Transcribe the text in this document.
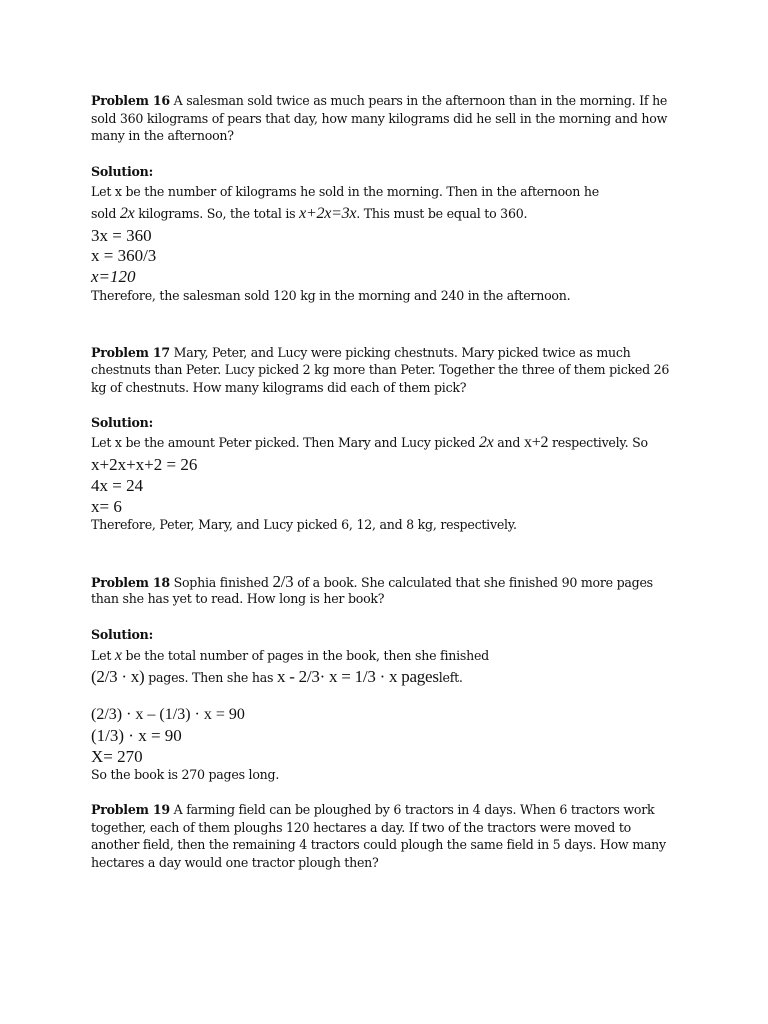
Problem 16 A salesman sold twice as much pears in the afternoon than in the morning. If he
sold 360 kilograms of pears that day, how many kilograms did he sell in the morning and how
many in the afternoon?
Solution:
Let x be the number of kilograms he sold in the morning. Then in the afternoon he
sold 2x kilograms. So, the total is x+2x=3x. This must be equal to 360.
3x = 360
x = 360/3
x=120
Therefore, the salesman sold 120 kg in the morning and 240 in the afternoon.
Problem 17 Mary, Peter, and Lucy were picking chestnuts. Mary picked twice as much
chestnuts than Peter. Lucy picked 2 kg more than Peter. Together the three of them picked 26
kg of chestnuts. How many kilograms did each of them pick?
Solution:
Let x be the amount Peter picked. Then Mary and Lucy picked 2x and x+2 respectively. So
x+2x+x+2 = 26
4x = 24
x= 6
Therefore, Peter, Mary, and Lucy picked 6, 12, and 8 kg, respectively.
Problem 18 Sophia finished 2/3 of a book. She calculated that she finished 90 more pages
than she has yet to read. How long is her book?
Solution:
Let x be the total number of pages in the book, then she finished
(2/3 · x) pages. Then she has x - 2/3· x = 1/3 · x pagesleft.
(2/3) · x – (1/3) · x = 90
(1/3) · x = 90
X= 270
So the book is 270 pages long.
Problem 19 A farming field can be ploughed by 6 tractors in 4 days. When 6 tractors work
together, each of them ploughs 120 hectares a day. If two of the tractors were moved to
another field, then the remaining 4 tractors could plough the same field in 5 days. How many
hectares a day would one tractor plough then?
